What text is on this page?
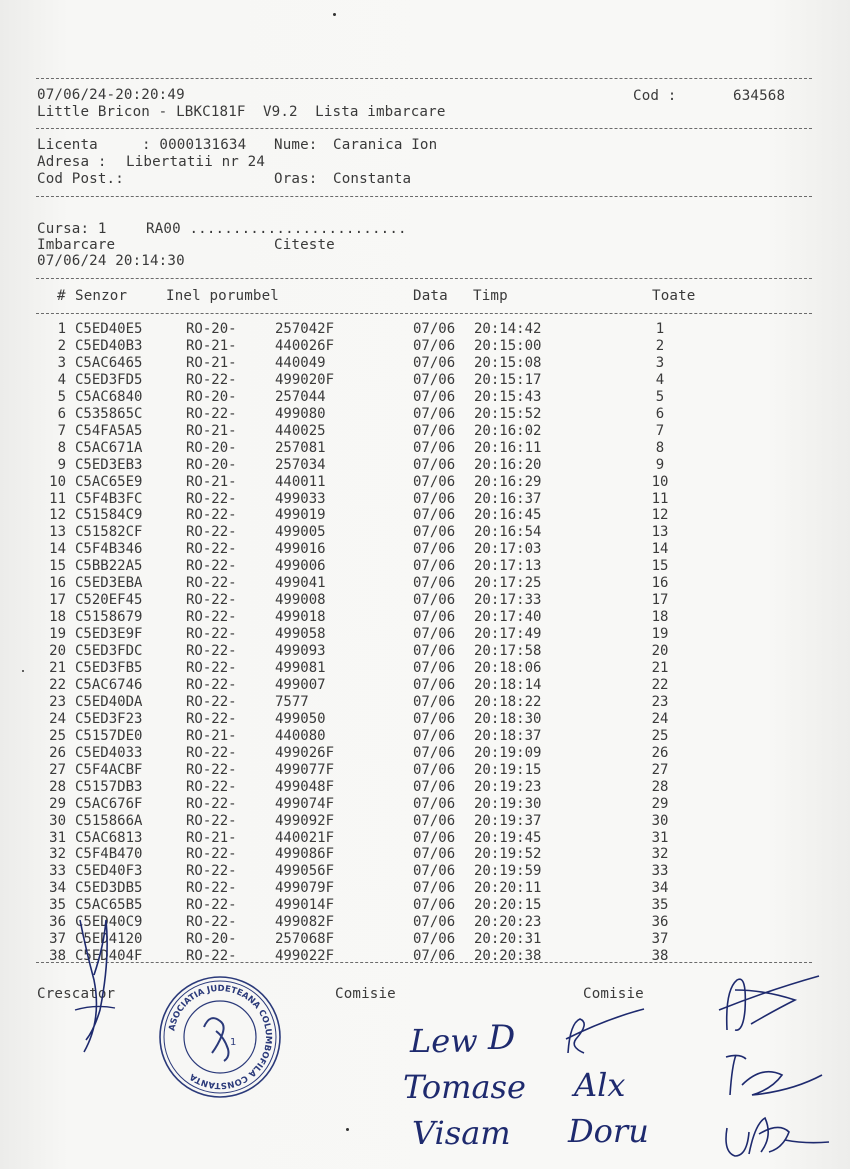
07/06/24-20:20:49	Cod :	634568
Little Bricon - LBKC181F  V9.2  Lista imbarcare
Licenta	: 0000131634 Nume: Caranica Ion
Adresa : Libertatii nr 24
Cod Post.:	Oras: Constanta
Cursa: 1	RA00 .........................
Imbarcare	Citeste
07/06/24 20:14:30
# Senzor	Inel porumbel	Data Timp	Toate
1 C5ED40E5	RO-20-	257042F	07/06 20:14:42	1
2 C5ED40B3	RO-21-	440026F	07/06 20:15:00	2
3 C5AC6465	RO-21-	440049	07/06 20:15:08	3
4 C5ED3FD5	RO-22-	499020F	07/06 20:15:17	4
5 C5AC6840	RO-20-	257044	07/06 20:15:43	5
6 C535865C	RO-22-	499080	07/06 20:15:52	6
7 C54FA5A5	RO-21-	440025	07/06 20:16:02	7
8 C5AC671A	RO-20-	257081	07/06 20:16:11	8
9 C5ED3EB3	RO-20-	257034	07/06 20:16:20	9
10 C5AC65E9	RO-21-	440011	07/06 20:16:29	10
11 C5F4B3FC	RO-22-	499033	07/06 20:16:37	11
12 C51584C9	RO-22-	499019	07/06 20:16:45	12
13 C51582CF	RO-22-	499005	07/06 20:16:54	13
14 C5F4B346	RO-22-	499016	07/06 20:17:03	14
15 C5BB22A5	RO-22-	499006	07/06 20:17:13	15
16 C5ED3EBA	RO-22-	499041	07/06 20:17:25	16
17 C520EF45	RO-22-	499008	07/06 20:17:33	17
18 C5158679	RO-22-	499018	07/06 20:17:40	18
19 C5ED3E9F	RO-22-	499058	07/06 20:17:49	19
20 C5ED3FDC	RO-22-	499093	07/06 20:17:58	20
21 C5ED3FB5	RO-22-	499081	07/06 20:18:06	21
22 C5AC6746	RO-22-	499007	07/06 20:18:14	22
23 C5ED40DA	RO-22-	7577	07/06 20:18:22	23
24 C5ED3F23	RO-22-	499050	07/06 20:18:30	24
25 C5157DE0	RO-21-	440080	07/06 20:18:37	25
26 C5ED4033	RO-22-	499026F	07/06 20:19:09	26
27 C5F4ACBF	RO-22-	499077F	07/06 20:19:15	27
28 C5157DB3	RO-22-	499048F	07/06 20:19:23	28
29 C5AC676F	RO-22-	499074F	07/06 20:19:30	29
30 C515866A	RO-22-	499092F	07/06 20:19:37	30
31 C5AC6813	RO-21-	440021F	07/06 20:19:45	31
32 C5F4B470	RO-22-	499086F	07/06 20:19:52	32
33 C5ED40F3	RO-22-	499056F	07/06 20:19:59	33
34 C5ED3DB5	RO-22-	499079F	07/06 20:20:11	34
35 C5AC65B5	RO-22-	499014F	07/06 20:20:15	35
36 C5ED40C9	RO-22-	499082F	07/06 20:20:23	36
37 C5ED4120	RO-20-	257068F	07/06 20:20:31	37
38 C5ED404F	RO-22-	499022F	07/06 20:20:38	38
Crescator	Comisie	Comisie
ASOCIATIA JUDETEANA COLUMBOFILA CONSTANTA
1	Lew D
Tomase Alx
Visam Doru
